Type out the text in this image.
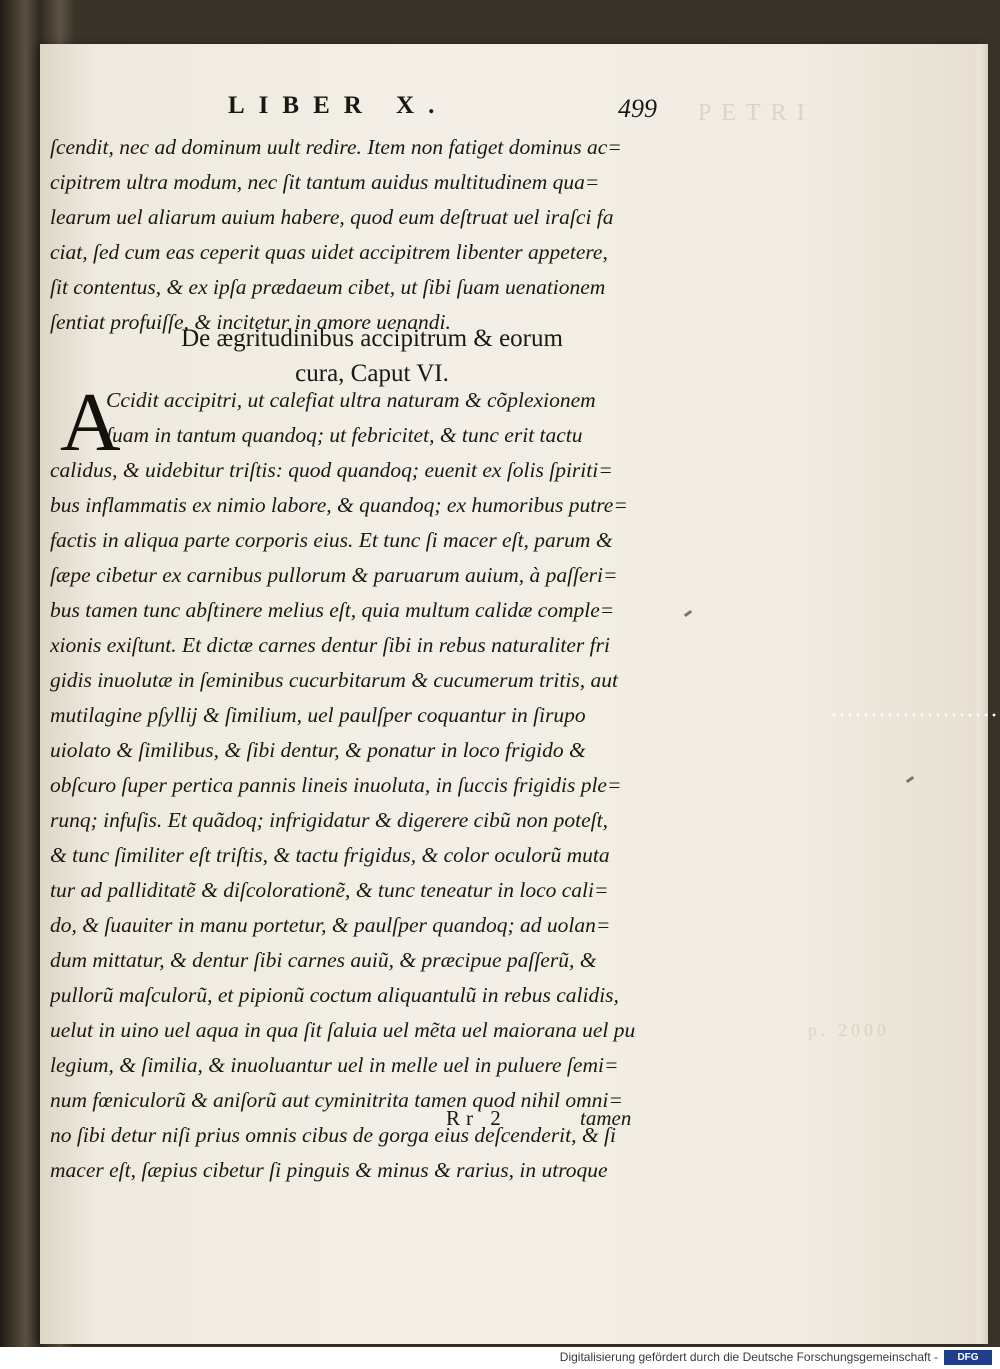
PETRI
p. 2000
LIBER X.	499
ſcendit, nec ad dominum uult redire. Item non fatiget dominus ac=
cipitrem ultra modum, nec ſit tantum auidus multitudinem qua=
learum uel aliarum auium habere, quod eum deſtruat uel iraſci fa
ciat, ſed cum eas ceperit quas uidet accipitrem libenter appetere,
ſit contentus, & ex ipſa prædaeum cibet, ut ſibi ſuam uenationem
ſentiat profuiſſe, & incitetur in amore uenandi.
De ægritudinibus accipitrum & eorum
cura, Caput VI.
A
Ccidit accipitri, ut calefiat ultra naturam & cõplexionem
ſuam in tantum quandoq; ut febricitet, & tunc erit tactu
calidus, & uidebitur triſtis: quod quandoq; euenit ex ſolis ſpiriti=
bus inflammatis ex nimio labore, & quandoq; ex humoribus putre=
factis in aliqua parte corporis eius. Et tunc ſi macer eſt, parum &
ſæpe cibetur ex carnibus pullorum & paruarum auium, à paſſeri=
bus tamen tunc abſtinere melius eſt, quia multum calidæ comple=
xionis exiſtunt. Et dictæ carnes dentur ſibi in rebus naturaliter fri
gidis inuolutæ in ſeminibus cucurbitarum & cucumerum tritis, aut
mutilagine pſyllij & ſimilium, uel paulſper coquantur in ſirupo
uiolato & ſimilibus, & ſibi dentur, & ponatur in loco frigido &
obſcuro ſuper pertica pannis lineis inuoluta, in ſuccis frigidis ple=
runq; infuſis. Et quãdoq; infrigidatur & digerere cibũ non poteſt,
& tunc ſimiliter eſt triſtis, & tactu frigidus, & color oculorũ muta
tur ad palliditatẽ & diſcolorationẽ, & tunc teneatur in loco cali=
do, & ſuauiter in manu portetur, & paulſper quandoq; ad uolan=
dum mittatur, & dentur ſibi carnes auiũ, & præcipue paſſerũ, &
pullorũ maſculorũ, et pipionũ coctum aliquantulũ in rebus calidis,
uelut in uino uel aqua in qua ſit ſaluia uel mẽta uel maiorana uel pu
legium, & ſimilia, & inuoluantur uel in melle uel in puluere ſemi=
num fœniculorũ & aniſorũ aut cyminitrita tamen quod nihil omni=
no ſibi detur niſi prius omnis cibus de gorga eius deſcenderit, & ſi
macer eſt, ſæpius cibetur ſi pinguis & minus & rarius, in utroque
Rr 2	tamen
Digitalisierung gefördert durch die Deutsche Forschungsgemeinschaft -	DFG
